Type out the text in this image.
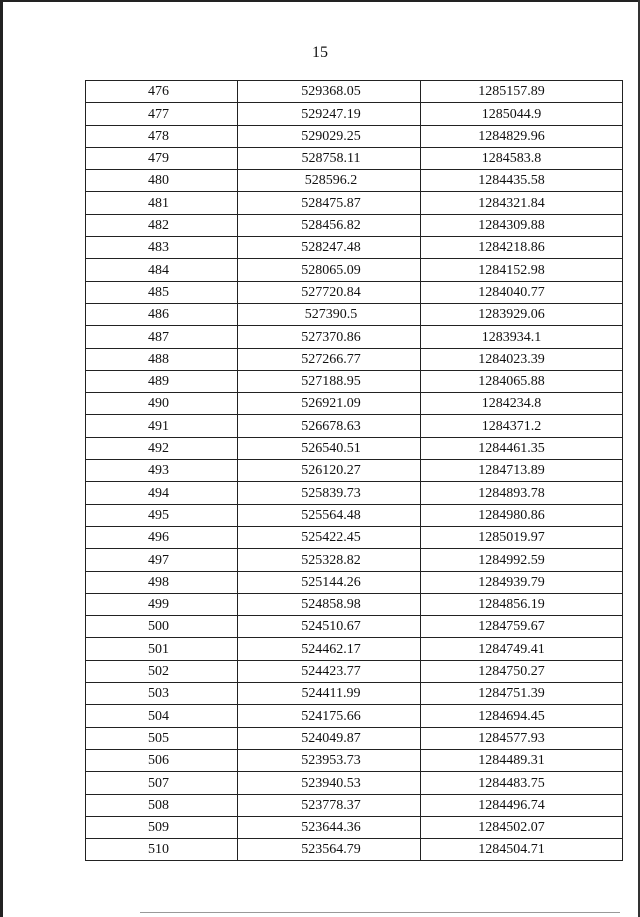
15
476	529368.05	1285157.89
477	529247.19	1285044.9
478	529029.25	1284829.96
479	528758.11	1284583.8
480	528596.2	1284435.58
481	528475.87	1284321.84
482	528456.82	1284309.88
483	528247.48	1284218.86
484	528065.09	1284152.98
485	527720.84	1284040.77
486	527390.5	1283929.06
487	527370.86	1283934.1
488	527266.77	1284023.39
489	527188.95	1284065.88
490	526921.09	1284234.8
491	526678.63	1284371.2
492	526540.51	1284461.35
493	526120.27	1284713.89
494	525839.73	1284893.78
495	525564.48	1284980.86
496	525422.45	1285019.97
497	525328.82	1284992.59
498	525144.26	1284939.79
499	524858.98	1284856.19
500	524510.67	1284759.67
501	524462.17	1284749.41
502	524423.77	1284750.27
503	524411.99	1284751.39
504	524175.66	1284694.45
505	524049.87	1284577.93
506	523953.73	1284489.31
507	523940.53	1284483.75
508	523778.37	1284496.74
509	523644.36	1284502.07
510	523564.79	1284504.71
